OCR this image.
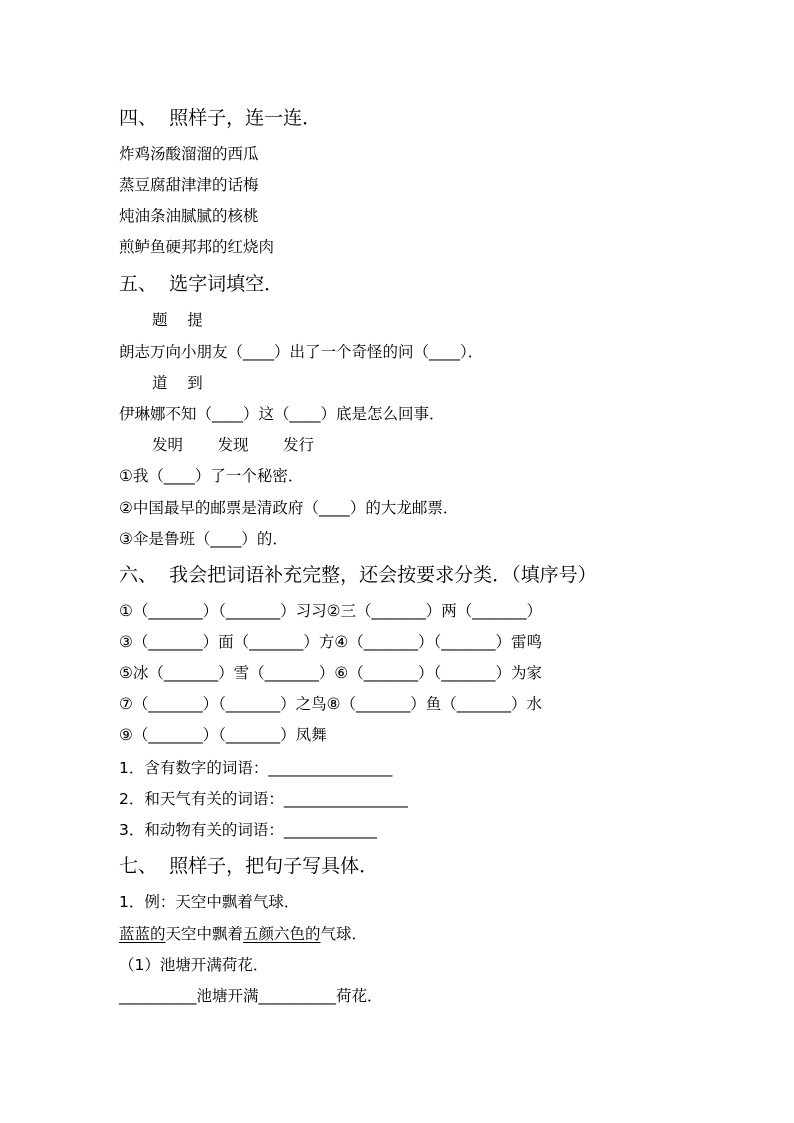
四、  照样子，连一连．
炸鸡汤酸溜溜的西瓜
蒸豆腐甜津津的话梅
炖油条油腻腻的核桃
煎鲈鱼硬邦邦的红烧肉
五、  选字词填空．
题    提
朗志万向小朋友（____）出了一个奇怪的问（____）．
道    到
伊琳娜不知（____）这（____）底是怎么回事．
发明       发现       发行
①我（____）了一个秘密．
②中国最早的邮票是清政府（____）的大龙邮票．
③伞是鲁班（____）的．
六、  我会把词语补充完整，还会按要求分类．（填序号）
①（_______）（_______）习习②三（_______）两（_______）
③（_______）面（_______）方④（_______）（_______）雷鸣
⑤冰（_______）雪（_______）⑥（_______）（_______）为家
⑦（_______）（_______）之鸟⑧（_______）鱼（_______）水
⑨（_______）（_______）凤舞
1．含有数字的词语：________________
2．和天气有关的词语：________________
3．和动物有关的词语：____________
七、  照样子，把句子写具体．
1．例：天空中飘着气球．
蓝蓝的天空中飘着五颜六色的气球．
（1）池塘开满荷花．
__________池塘开满__________荷花．
